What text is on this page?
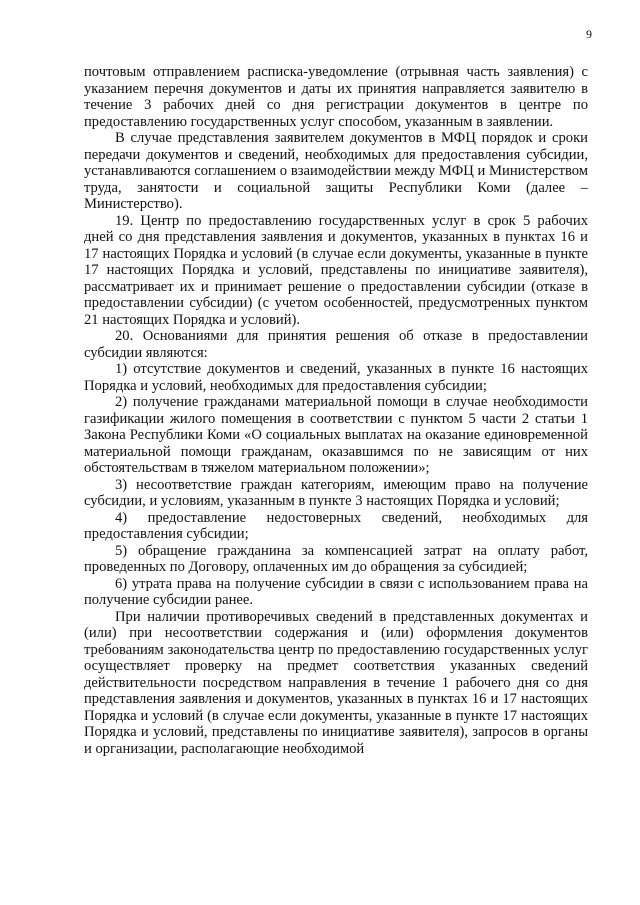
9

почтовым отправлением расписка-уведомление (отрывная часть заявления) с указанием перечня документов и даты их принятия направляется заявителю в течение 3 рабочих дней со дня регистрации документов в центре по предоставлению государственных услуг способом, указанным в заявлении.

В случае представления заявителем документов в МФЦ порядок и сроки передачи документов и сведений, необходимых для предоставления субсидии, устанавливаются соглашением о взаимодействии между МФЦ и Министерством труда, занятости и социальной защиты Республики Коми (далее – Министерство).

19. Центр по предоставлению государственных услуг в срок 5 рабочих дней со дня представления заявления и документов, указанных в пунктах 16 и 17 настоящих Порядка и условий (в случае если документы, указанные в пункте 17 настоящих Порядка и условий, представлены по инициативе заявителя), рассматривает их и принимает решение о предоставлении субсидии (отказе в предоставлении субсидии) (с учетом особенностей, предусмотренных пунктом 21 настоящих Порядка и условий).

20. Основаниями для принятия решения об отказе в предоставлении субсидии являются:

1) отсутствие документов и сведений, указанных в пункте 16 настоящих Порядка и условий, необходимых для предоставления субсидии;

2) получение гражданами материальной помощи в случае необходимости газификации жилого помещения в соответствии с пунктом 5 части 2 статьи 1 Закона Республики Коми «О социальных выплатах на оказание единовременной материальной помощи гражданам, оказавшимся по не зависящим от них обстоятельствам в тяжелом материальном положении»;

3) несоответствие граждан категориям, имеющим право на получение субсидии, и условиям, указанным в пункте 3 настоящих Порядка и условий;

4) предоставление недостоверных сведений, необходимых для предоставления субсидии;

5) обращение гражданина за компенсацией затрат на оплату работ, проведенных по Договору, оплаченных им до обращения за субсидией;

6) утрата права на получение субсидии в связи с использованием права на получение субсидии ранее.

При наличии противоречивых сведений в представленных документах и (или) при несоответствии содержания и (или) оформления документов требованиям законодательства центр по предоставлению государственных услуг осуществляет проверку на предмет соответствия указанных сведений действительности посредством направления в течение 1 рабочего дня со дня представления заявления и документов, указанных в пунктах 16 и 17 настоящих Порядка и условий (в случае если документы, указанные в пункте 17 настоящих Порядка и условий, представлены по инициативе заявителя), запросов в органы и организации, располагающие необходимой
